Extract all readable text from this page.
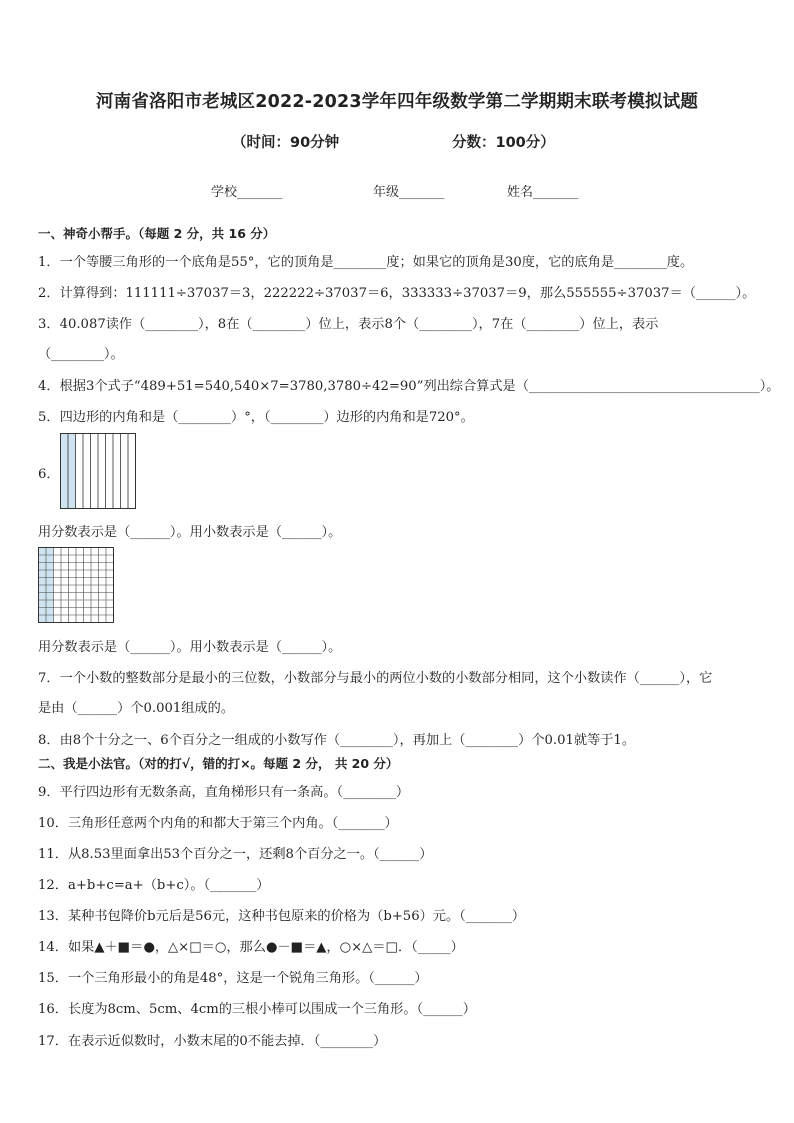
河南省洛阳市老城区2022-2023学年四年级数学第二学期期末联考模拟试题
（时间：90分钟	分数：100分）
学校_______	年级_______	姓名_______
一、神奇小帮手。（每题 2 分，共 16 分）
1．一个等腰三角形的一个底角是55°，它的顶角是________度；如果它的顶角是30度，它的底角是________度。
2．计算得到：111111÷37037＝3，222222÷37037＝6，333333÷37037＝9，那么555555÷37037＝（______）。
3．40.087读作（________），8在（________）位上，表示8个（________），7在（________）位上，表示
（________）。
4．根据3个式子“489+51=540,540×7=3780,3780÷42=90”列出综合算式是（___________________________________）。
5．四边形的内角和是（________）°，（________）边形的内角和是720°。
6．
用分数表示是（______）。用小数表示是（______）。
用分数表示是（______）。用小数表示是（______）。
7．一个小数的整数部分是最小的三位数，小数部分与最小的两位小数的小数部分相同，这个小数读作（______），它
是由（______）个0.001组成的。
8．由8个十分之一、6个百分之一组成的小数写作（________），再加上（________）个0.01就等于1。
二、我是小法官。（对的打√，错的打×。每题 2 分， 共 20 分）
9．平行四边形有无数条高，直角梯形只有一条高。（________）
10．三角形任意两个内角的和都大于第三个内角。（_______）
11．从8.53里面拿出53个百分之一，还剩8个百分之一。（______）
12．a+b+c=a+（b+c）。（_______）
13．某种书包降价b元后是56元，这种书包原来的价格为（b+56）元。（_______）
14．如果▲＋■＝●，△×□＝○，那么●－■＝▲，○×△＝□．（_____）
15．一个三角形最小的角是48°，这是一个锐角三角形。（______）
16．长度为8cm、5cm、4cm的三根小棒可以围成一个三角形。（______）
17．在表示近似数时，小数末尾的0不能去掉．（________）
